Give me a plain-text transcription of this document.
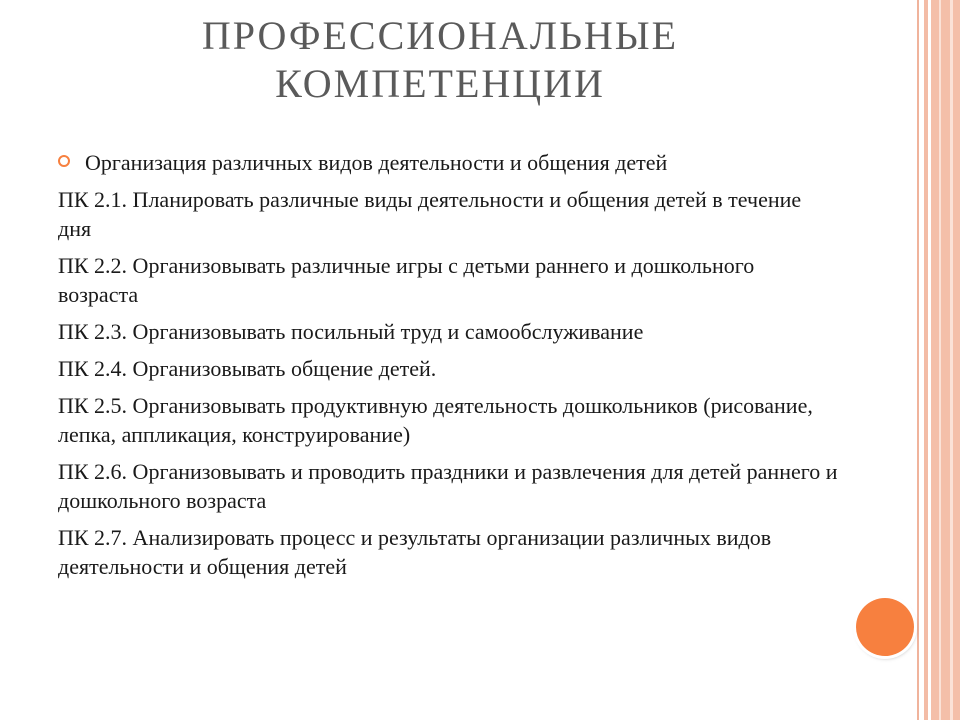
ПРОФЕССИОНАЛЬНЫЕ КОМПЕТЕНЦИИ
Организация различных видов деятельности и общения детей
ПК 2.1. Планировать различные виды деятельности и общения детей в течение дня
ПК 2.2. Организовывать различные игры с детьми раннего и дошкольного возраста
ПК 2.3. Организовывать посильный труд и самообслуживание
ПК 2.4. Организовывать общение детей.
ПК 2.5. Организовывать продуктивную деятельность дошкольников (рисование, лепка, аппликация, конструирование)
ПК 2.6. Организовывать и проводить праздники и развлечения для детей раннего и дошкольного возраста
ПК 2.7. Анализировать процесс и результаты организации различных видов деятельности и общения детей
